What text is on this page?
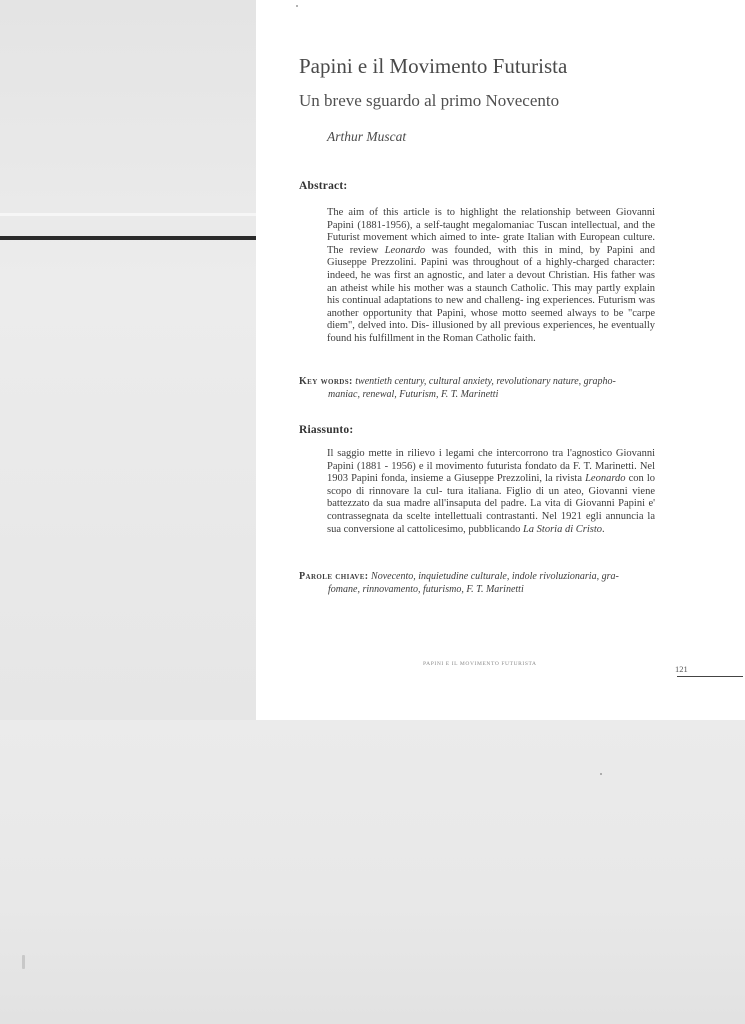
Papini e il Movimento Futurista
Un breve sguardo al primo Novecento
Arthur Muscat
Abstract:

The aim of this article is to highlight the relationship between Giovanni Papini (1881-1956), a self-taught megalomaniac Tuscan intellectual, and the Futurist movement which aimed to inte- grate Italian with European culture. The review Leonardo was founded, with this in mind, by Papini and Giuseppe Prezzolini. Papini was throughout of a highly-charged character: indeed, he was first an agnostic, and later a devout Christian. His father was an atheist while his mother was a staunch Catholic. This may partly explain his continual adaptations to new and challeng- ing experiences. Futurism was another opportunity that Papini, whose motto seemed always to be "carpe diem", delved into. Dis- illusioned by all previous experiences, he eventually found his fulfillment in the Roman Catholic faith.

Key words: twentieth century, cultural anxiety, revolutionary nature, grapho-
maniac, renewal, Futurism, F. T. Marinetti

Riassunto:

Il saggio mette in rilievo i legami che intercorrono tra l'agnostico Giovanni Papini (1881 - 1956) e il movimento futurista fondato da F. T. Marinetti. Nel 1903 Papini fonda, insieme a Giuseppe Prezzolini, la rivista Leonardo con lo scopo di rinnovare la cul- tura italiana. Figlio di un ateo, Giovanni viene battezzato da sua madre all'insaputa del padre. La vita di Giovanni Papini e' contrassegnata da scelte intellettuali contrastanti. Nel 1921 egli annuncia la sua conversione al cattolicesimo, pubblicando La Storia di Cristo.

Parole chiave: Novecento, inquietudine culturale, indole rivoluzionaria, gra-
fomane, rinnovamento, futurismo, F. T. Marinetti

PAPINI E IL MOVIMENTO FUTURISTA	121
